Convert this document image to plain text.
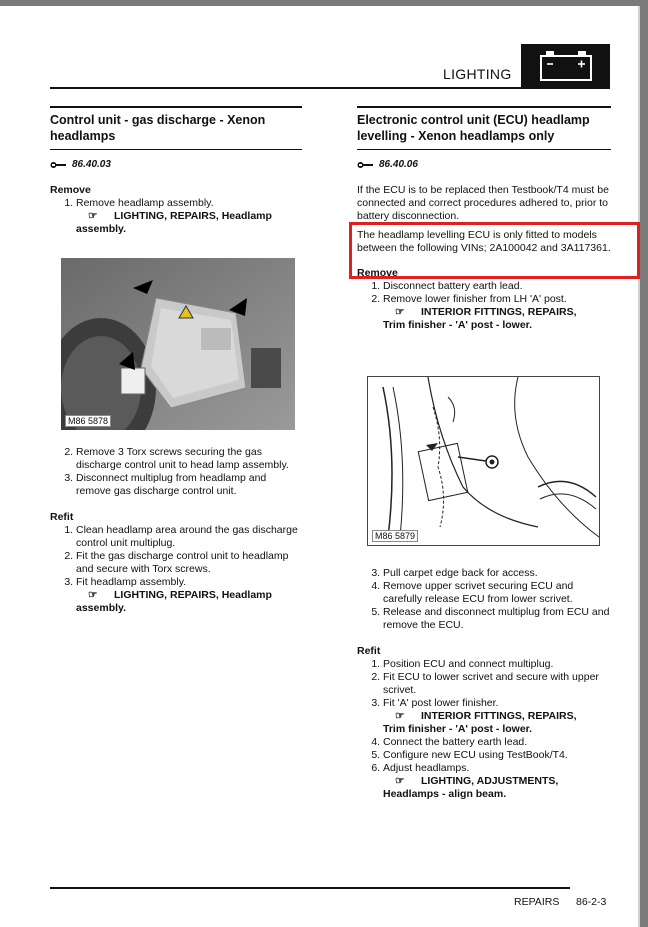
LIGHTING
Control unit - gas discharge - Xenon headlamps
86.40.03

Remove

1. Remove headlamp assembly.
☞ LIGHTING, REPAIRS, Headlamp
assembly.
M86 5878
2. Remove 3 Torx screws securing the gas discharge control unit to head lamp assembly.
3. Disconnect multiplug from headlamp and remove gas discharge control unit.

Refit

1. Clean headlamp area around the gas discharge control unit multiplug.
2. Fit the gas discharge control unit to headlamp and secure with Torx screws.
3. Fit headlamp assembly.
☞ LIGHTING, REPAIRS, Headlamp
assembly.
Electronic control unit (ECU) headlamp levelling - Xenon headlamps only
86.40.06

If the ECU is to be replaced then Testbook/T4 must be connected and correct procedures adhered to, prior to battery disconnection.

The headlamp levelling ECU is only fitted to models between the following VINs; 2A100042 and 3A117361.

Remove

1. Disconnect battery earth lead.
2. Remove lower finisher from LH 'A' post.
☞ INTERIOR FITTINGS, REPAIRS,
Trim finisher - 'A' post - lower.
M86 5879
3. Pull carpet edge back for access.
4. Remove upper scrivet securing ECU and carefully release ECU from lower scrivet.
5. Release and disconnect multiplug from ECU and remove the ECU.

Refit

1. Position ECU and connect multiplug.
2. Fit ECU to lower scrivet and secure with upper scrivet.
3. Fit 'A' post lower finisher.
☞ INTERIOR FITTINGS, REPAIRS,
Trim finisher - 'A' post - lower.
4. Connect the battery earth lead.
5. Configure new ECU using TestBook/T4.
6. Adjust headlamps.
☞ LIGHTING, ADJUSTMENTS,
Headlamps - align beam.
REPAIRS 86-2-3
